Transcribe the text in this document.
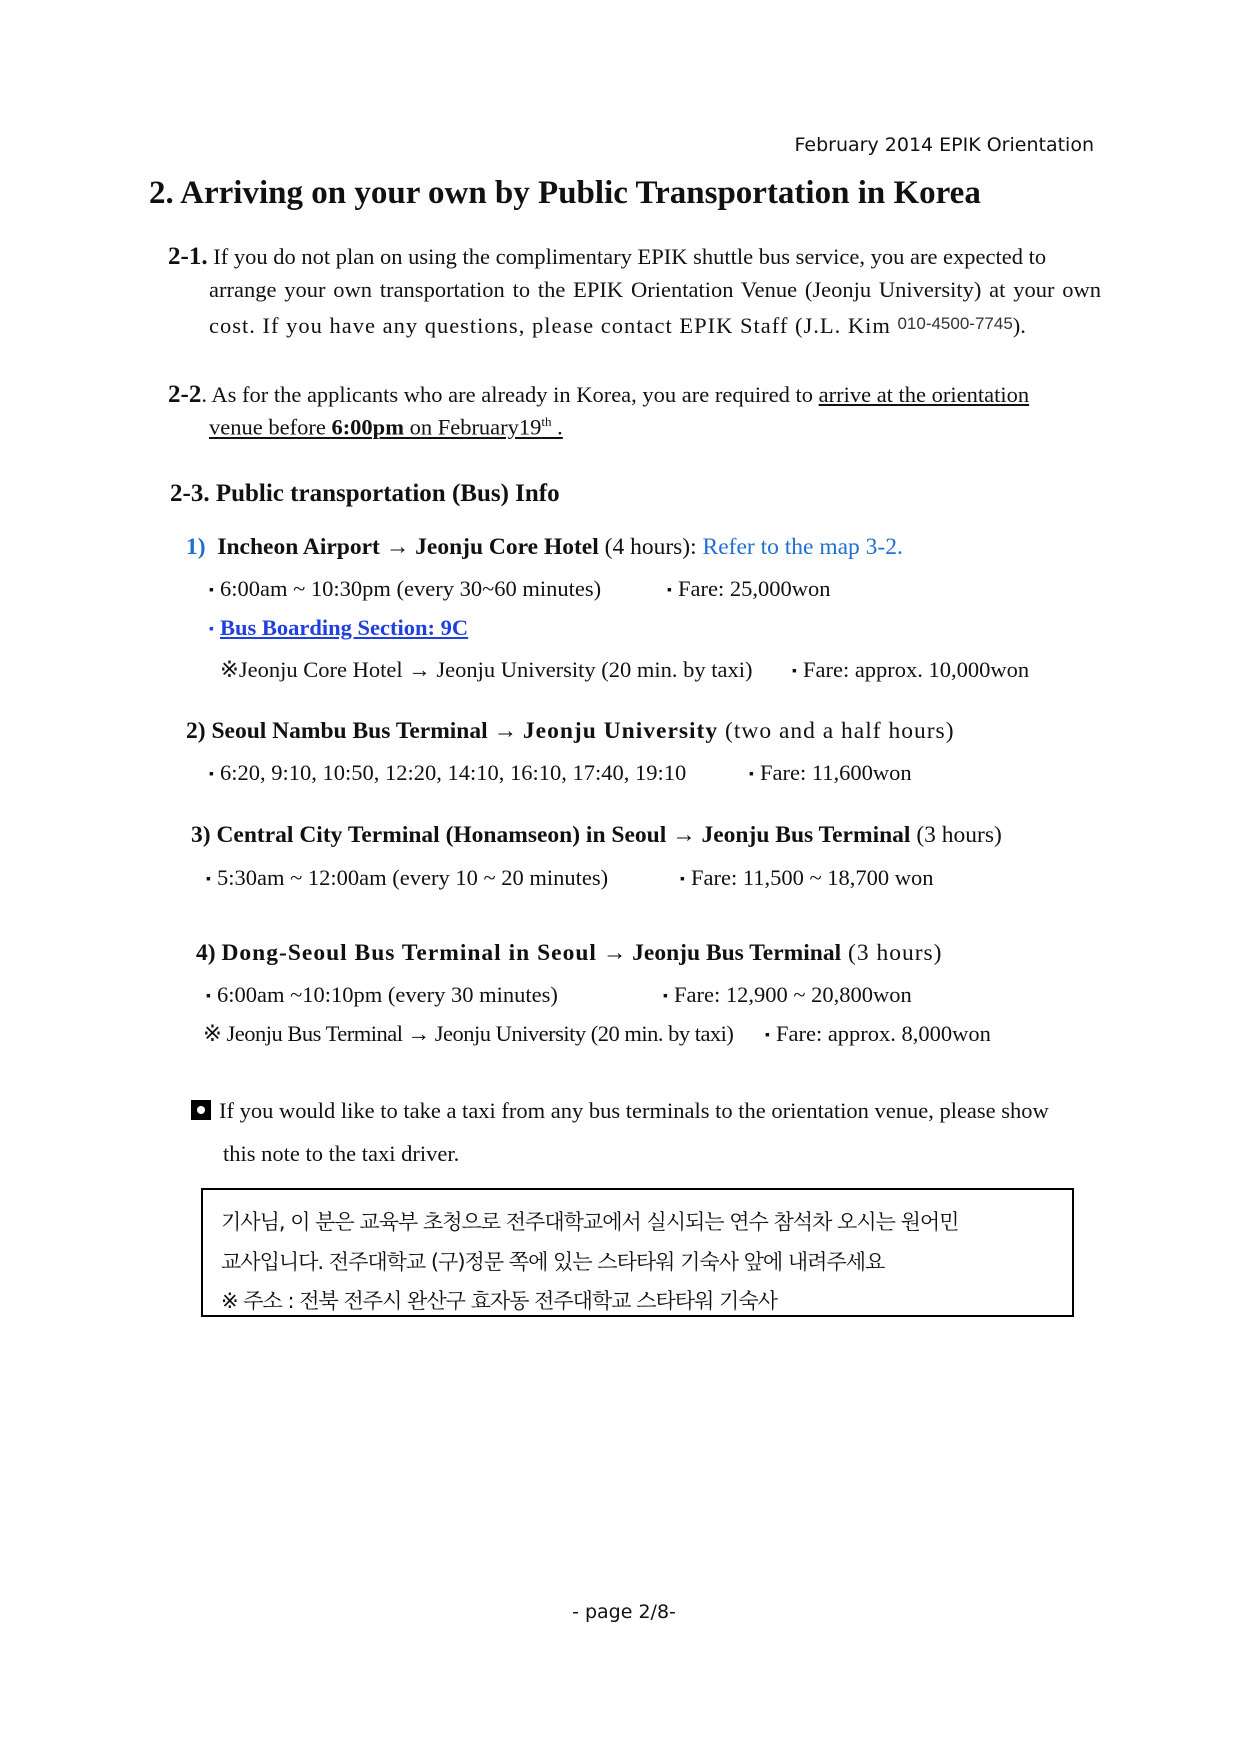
February 2014 EPIK Orientation
2. Arriving on your own by Public Transportation in Korea
2-1. If you do not plan on using the complimentary EPIK shuttle bus service, you are expected to
arrange your own transportation to the EPIK Orientation Venue (Jeonju University) at your own
cost. If you have any questions, please contact EPIK Staff (J.L. Kim 010-4500-7745).
2-2. As for the applicants who are already in Korea, you are required to arrive at the orientation
venue before 6:00pm on February19th .
2-3. Public transportation (Bus) Info
1) Incheon Airport → Jeonju Core Hotel (4 hours): Refer to the map 3-2.
▪ 6:00am ~ 10:30pm (every 30~60 minutes)	▪ Fare: 25,000won
▪ Bus Boarding Section: 9C
※Jeonju Core Hotel → Jeonju University (20 min. by taxi)	▪ Fare: approx. 10,000won
2) Seoul Nambu Bus Terminal → Jeonju University (two and a half hours)
▪ 6:20, 9:10, 10:50, 12:20, 14:10, 16:10, 17:40, 19:10	▪ Fare: 11,600won
3) Central City Terminal (Honamseon) in Seoul → Jeonju Bus Terminal (3 hours)
▪ 5:30am ~ 12:00am (every 10 ~ 20 minutes)	▪ Fare: 11,500 ~ 18,700 won
4) Dong-Seoul Bus Terminal in Seoul → Jeonju Bus Terminal (3 hours)
▪ 6:00am ~10:10pm (every 30 minutes)	▪ Fare: 12,900 ~ 20,800won
※ Jeonju Bus Terminal → Jeonju University (20 min. by taxi) ▪ Fare: approx. 8,000won
If you would like to take a taxi from any bus terminals to the orientation venue, please show
this note to the taxi driver.
기사님, 이 분은 교육부 초청으로 전주대학교에서 실시되는 연수 참석차 오시는 원어민
교사입니다. 전주대학교 (구)정문 쪽에 있는 스타타워 기숙사 앞에 내려주세요
※ 주소 : 전북 전주시 완산구 효자동 전주대학교 스타타워 기숙사
- page 2/8-
